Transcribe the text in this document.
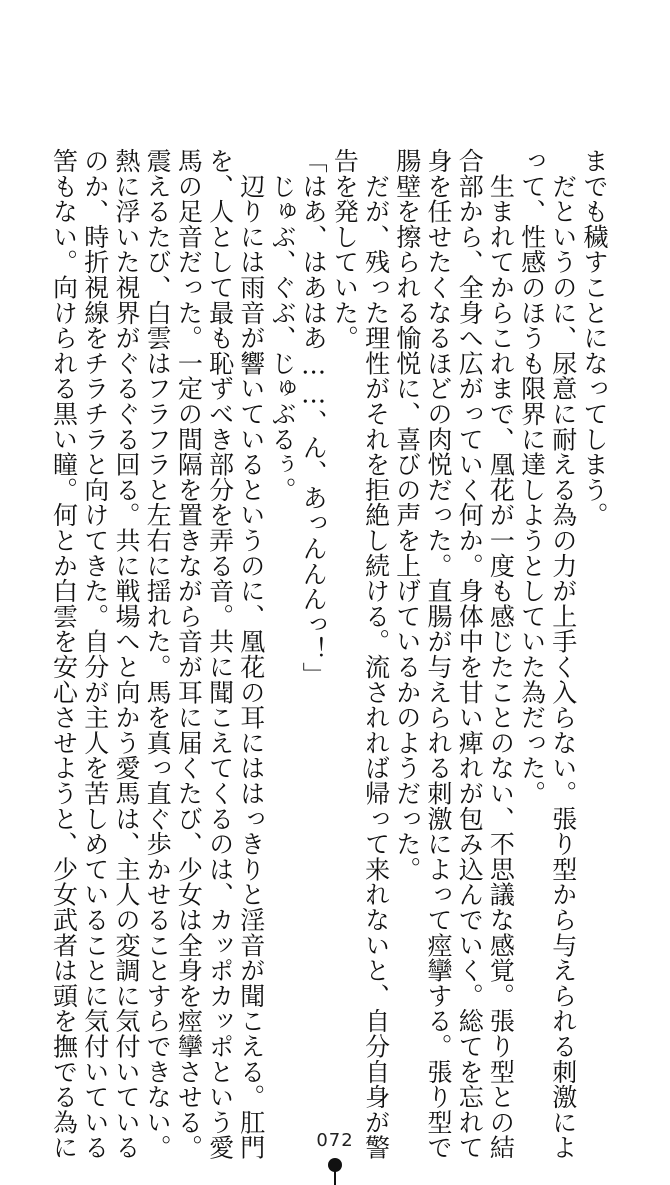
までも穢すことになってしまう。
　だというのに、尿意に耐える為の力が上手く入らない。張り型から与えられる刺激によ
って、性感のほうも限界に達しようとしていた為だった。
　生まれてからこれまで、凰花が一度も感じたことのない、不思議な感覚。張り型との結
合部から、全身へ広がっていく何か。身体中を甘い痺れが包み込んでいく。総てを忘れて
身を任せたくなるほどの肉悦だった。直腸が与えられる刺激によって痙攣する。張り型で
腸壁を擦られる愉悦に、喜びの声を上げているかのようだった。
　だが、残った理性がそれを拒絶し続ける。流されれば帰って来れないと、自分自身が警
告を発していた。
「はあ、はあはあ……、ん、あっんんんっ！」
　じゅぶ、ぐぶ、じゅぶるぅ。
　辺りには雨音が響いているというのに、凰花の耳にははっきりと淫音が聞こえる。肛門
を、人として最も恥ずべき部分を弄る音。共に聞こえてくるのは、カッポカッポという愛
馬の足音だった。一定の間隔を置きながら音が耳に届くたび、少女は全身を痙攣させる。
震えるたび、白雲はフラフラと左右に揺れた。馬を真っ直ぐ歩かせることすらできない。
熱に浮いた視界がぐるぐる回る。共に戦場へと向かう愛馬は、主人の変調に気付いている
のか、時折視線をチラチラと向けてきた。自分が主人を苦しめていることに気付いている
筈もない。向けられる黒い瞳。何とか白雲を安心させようと、少女武者は頭を撫でる為に	072
